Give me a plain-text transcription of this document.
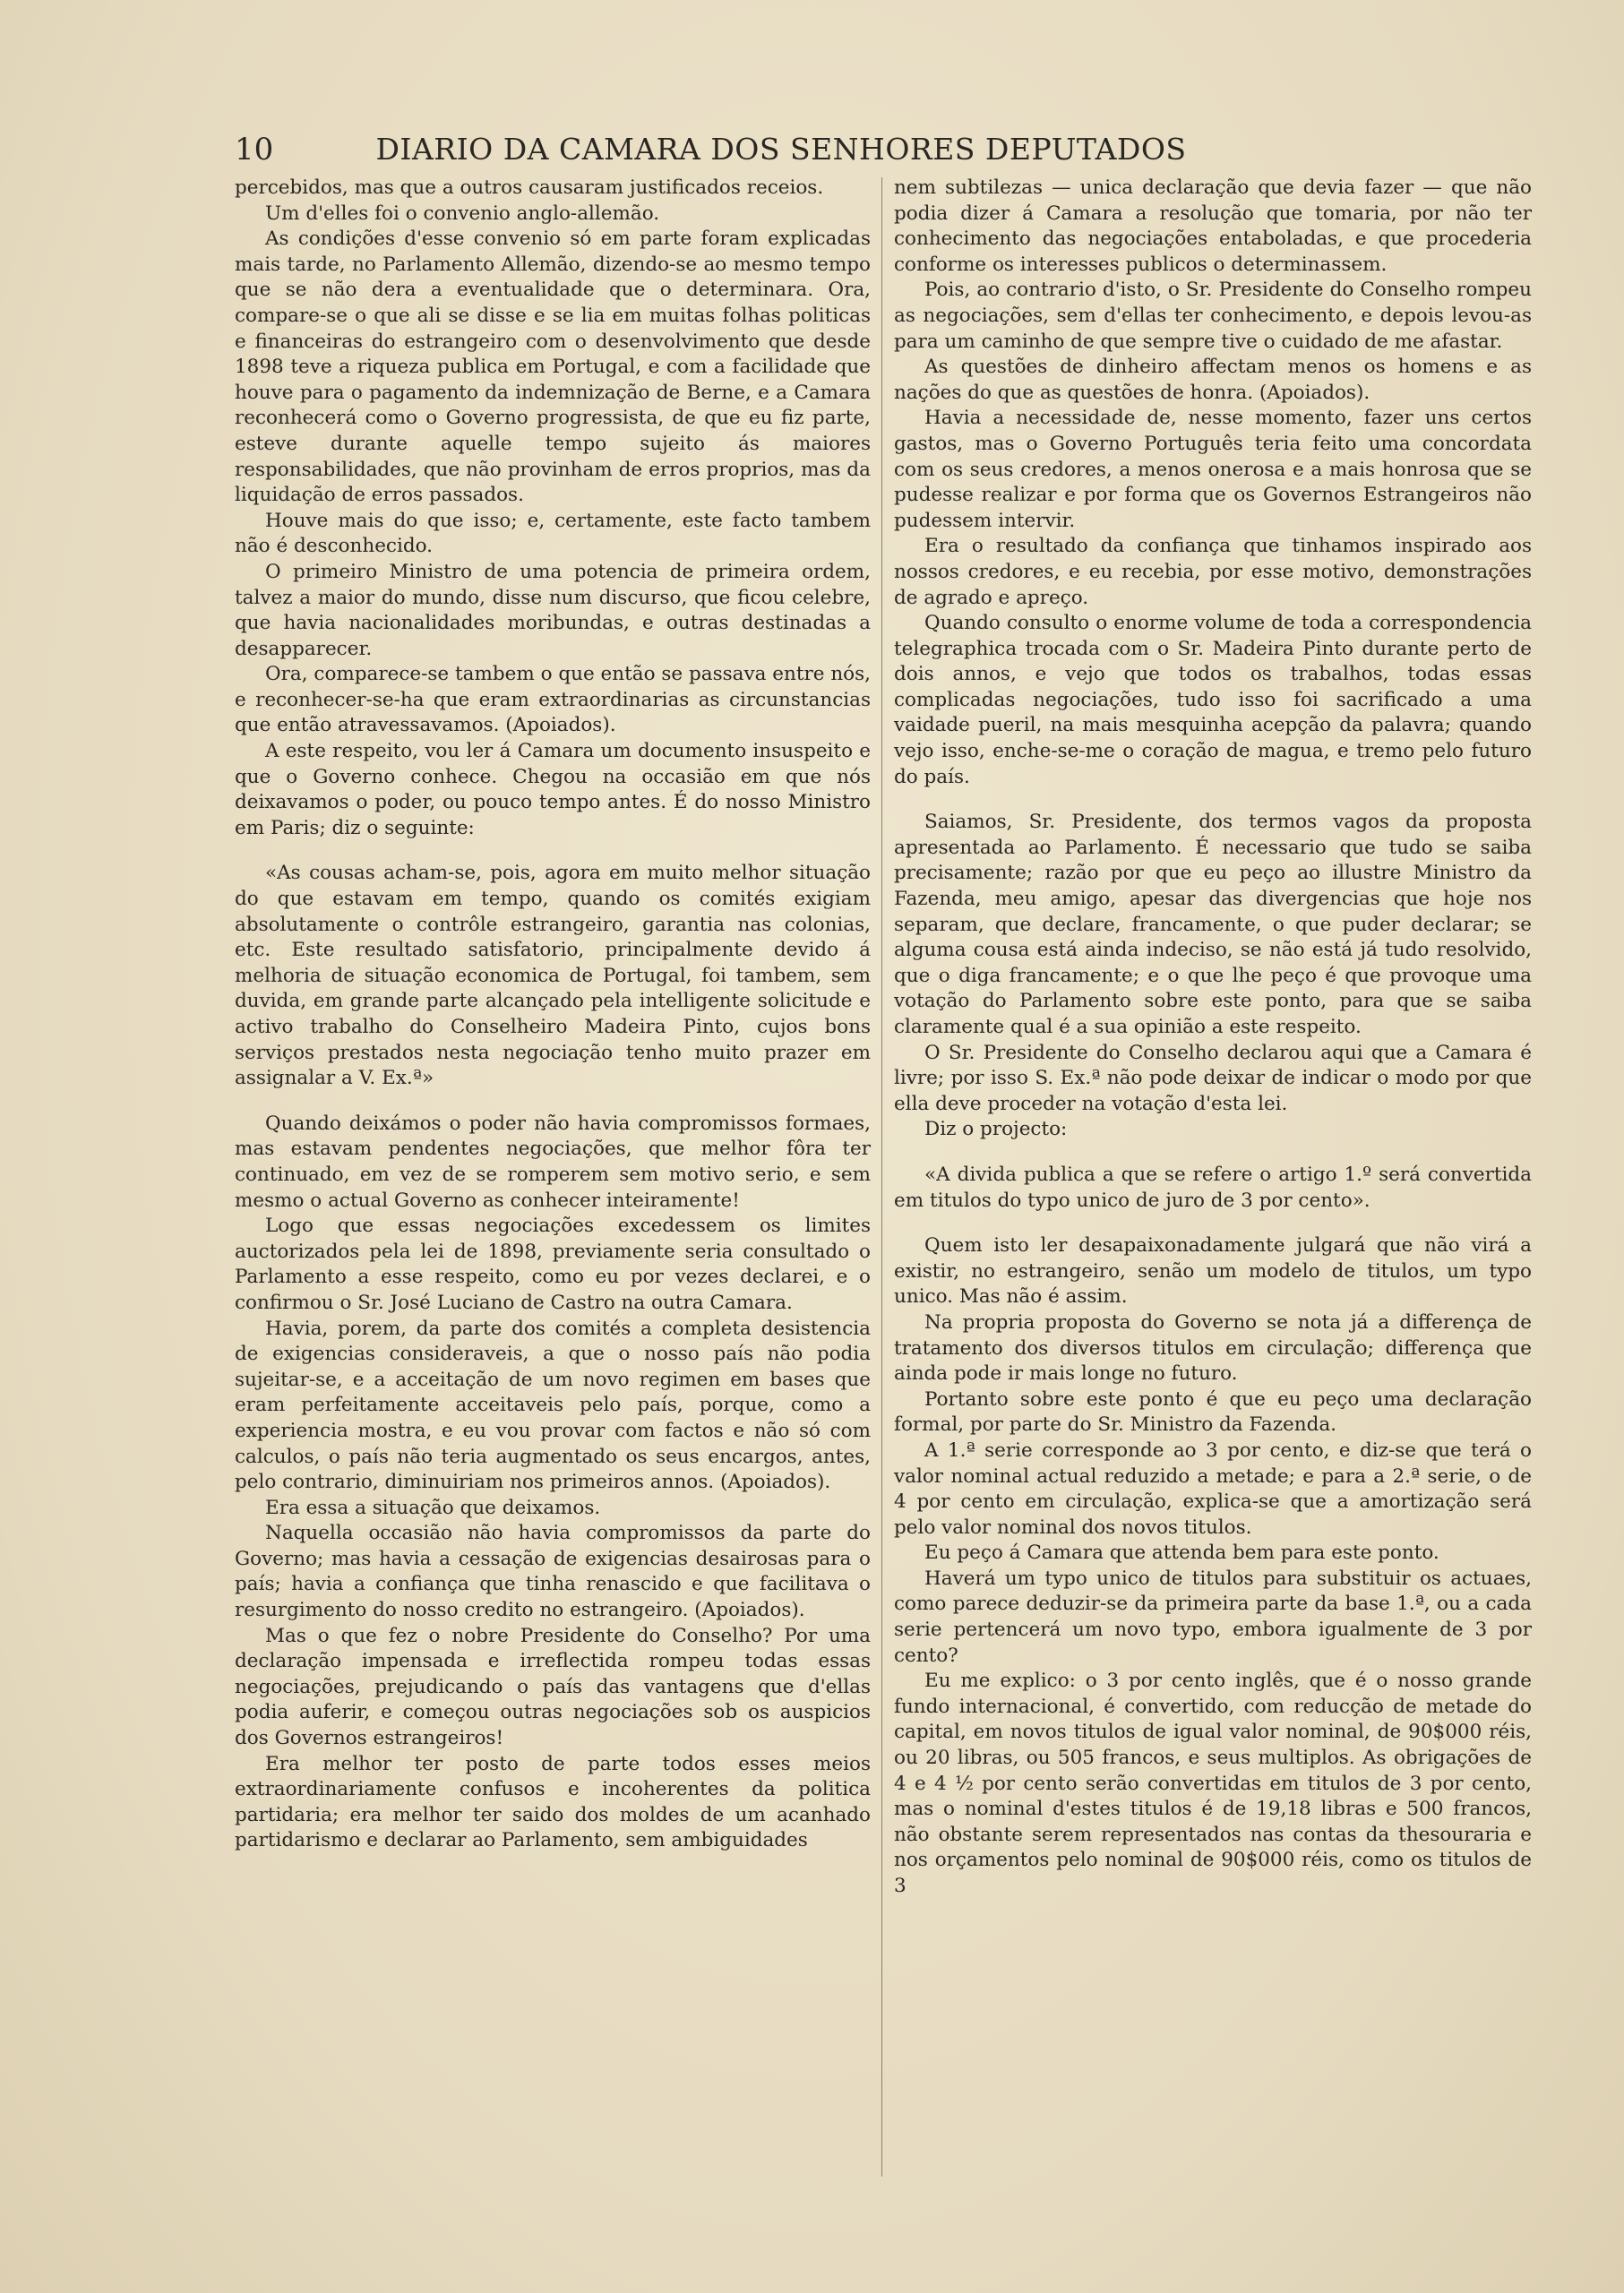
10	DIARIO DA CAMARA DOS SENHORES DEPUTADOS

percebidos, mas que a outros causaram justificados receios.

Um d'elles foi o convenio anglo-allemão.

As condições d'esse convenio só em parte foram explicadas mais tarde, no Parlamento Allemão, dizendo-se ao mesmo tempo que se não dera a eventualidade que o determinara. Ora, compare-se o que ali se disse e se lia em muitas folhas politicas e financeiras do estrangeiro com o desenvolvimento que desde 1898 teve a riqueza publica em Portugal, e com a facilidade que houve para o pagamento da indemnização de Berne, e a Camara reconhecerá como o Governo progressista, de que eu fiz parte, esteve durante aquelle tempo sujeito ás maiores responsabilidades, que não provinham de erros proprios, mas da liquidação de erros passados.

Houve mais do que isso; e, certamente, este facto tambem não é desconhecido.

O primeiro Ministro de uma potencia de primeira ordem, talvez a maior do mundo, disse num discurso, que ficou celebre, que havia nacionalidades moribundas, e outras destinadas a desapparecer.

Ora, comparece-se tambem o que então se passava entre nós, e reconhecer-se-ha que eram extraordinarias as circunstancias que então atravessavamos. (Apoiados).

A este respeito, vou ler á Camara um documento insuspeito e que o Governo conhece. Chegou na occasião em que nós deixavamos o poder, ou pouco tempo antes. É do nosso Ministro em Paris; diz o seguinte:

«As cousas acham-se, pois, agora em muito melhor situação do que estavam em tempo, quando os comités exigiam absolutamente o contrôle estrangeiro, garantia nas colonias, etc. Este resultado satisfatorio, principalmente devido á melhoria de situação economica de Portugal, foi tambem, sem duvida, em grande parte alcançado pela intelligente solicitude e activo trabalho do Conselheiro Madeira Pinto, cujos bons serviços prestados nesta negociação tenho muito prazer em assignalar a V. Ex.ª»

Quando deixámos o poder não havia compromissos formaes, mas estavam pendentes negociações, que melhor fôra ter continuado, em vez de se romperem sem motivo serio, e sem mesmo o actual Governo as conhecer inteiramente!

Logo que essas negociações excedessem os limites auctorizados pela lei de 1898, previamente seria consultado o Parlamento a esse respeito, como eu por vezes declarei, e o confirmou o Sr. José Luciano de Castro na outra Camara.

Havia, porem, da parte dos comités a completa desistencia de exigencias consideraveis, a que o nosso país não podia sujeitar-se, e a acceitação de um novo regimen em bases que eram perfeitamente acceitaveis pelo país, porque, como a experiencia mostra, e eu vou provar com factos e não só com calculos, o país não teria augmentado os seus encargos, antes, pelo contrario, diminuiriam nos primeiros annos. (Apoiados).

Era essa a situação que deixamos.

Naquella occasião não havia compromissos da parte do Governo; mas havia a cessação de exigencias desairosas para o país; havia a confiança que tinha renascido e que facilitava o resurgimento do nosso credito no estrangeiro. (Apoiados).

Mas o que fez o nobre Presidente do Conselho? Por uma declaração impensada e irreflectida rompeu todas essas negociações, prejudicando o país das vantagens que d'ellas podia auferir, e começou outras negociações sob os auspicios dos Governos estrangeiros!

Era melhor ter posto de parte todos esses meios extraordinariamente confusos e incoherentes da politica partidaria; era melhor ter saido dos moldes de um acanhado partidarismo e declarar ao Parlamento, sem ambiguidades

nem subtilezas — unica declaração que devia fazer — que não podia dizer á Camara a resolução que tomaria, por não ter conhecimento das negociações entaboladas, e que procederia conforme os interesses publicos o determinassem.

Pois, ao contrario d'isto, o Sr. Presidente do Conselho rompeu as negociações, sem d'ellas ter conhecimento, e depois levou-as para um caminho de que sempre tive o cuidado de me afastar.

As questões de dinheiro affectam menos os homens e as nações do que as questões de honra. (Apoiados).

Havia a necessidade de, nesse momento, fazer uns certos gastos, mas o Governo Português teria feito uma concordata com os seus credores, a menos onerosa e a mais honrosa que se pudesse realizar e por forma que os Governos Estrangeiros não pudessem intervir.

Era o resultado da confiança que tinhamos inspirado aos nossos credores, e eu recebia, por esse motivo, demonstrações de agrado e apreço.

Quando consulto o enorme volume de toda a correspondencia telegraphica trocada com o Sr. Madeira Pinto durante perto de dois annos, e vejo que todos os trabalhos, todas essas complicadas negociações, tudo isso foi sacrificado a uma vaidade pueril, na mais mesquinha acepção da palavra; quando vejo isso, enche-se-me o coração de magua, e tremo pelo futuro do país.

Saiamos, Sr. Presidente, dos termos vagos da proposta apresentada ao Parlamento. É necessario que tudo se saiba precisamente; razão por que eu peço ao illustre Ministro da Fazenda, meu amigo, apesar das divergencias que hoje nos separam, que declare, francamente, o que puder declarar; se alguma cousa está ainda indeciso, se não está já tudo resolvido, que o diga francamente; e o que lhe peço é que provoque uma votação do Parlamento sobre este ponto, para que se saiba claramente qual é a sua opinião a este respeito.

O Sr. Presidente do Conselho declarou aqui que a Camara é livre; por isso S. Ex.ª não pode deixar de indicar o modo por que ella deve proceder na votação d'esta lei.

Diz o projecto:

«A divida publica a que se refere o artigo 1.º será convertida em titulos do typo unico de juro de 3 por cento».

Quem isto ler desapaixonadamente julgará que não virá a existir, no estrangeiro, senão um modelo de titulos, um typo unico. Mas não é assim.

Na propria proposta do Governo se nota já a differença de tratamento dos diversos titulos em circulação; differença que ainda pode ir mais longe no futuro.

Portanto sobre este ponto é que eu peço uma declaração formal, por parte do Sr. Ministro da Fazenda.

A 1.ª serie corresponde ao 3 por cento, e diz-se que terá o valor nominal actual reduzido a metade; e para a 2.ª serie, o de 4 por cento em circulação, explica-se que a amortização será pelo valor nominal dos novos titulos.

Eu peço á Camara que attenda bem para este ponto.

Haverá um typo unico de titulos para substituir os actuaes, como parece deduzir-se da primeira parte da base 1.ª, ou a cada serie pertencerá um novo typo, embora igualmente de 3 por cento?

Eu me explico: o 3 por cento inglês, que é o nosso grande fundo internacional, é convertido, com reducção de metade do capital, em novos titulos de igual valor nominal, de 90$000 réis, ou 20 libras, ou 505 francos, e seus multiplos. As obrigações de 4 e 4 ½ por cento serão convertidas em titulos de 3 por cento, mas o nominal d'estes titulos é de 19,18 libras e 500 francos, não obstante serem representados nas contas da thesouraria e nos orçamentos pelo nominal de 90$000 réis, como os titulos de 3
